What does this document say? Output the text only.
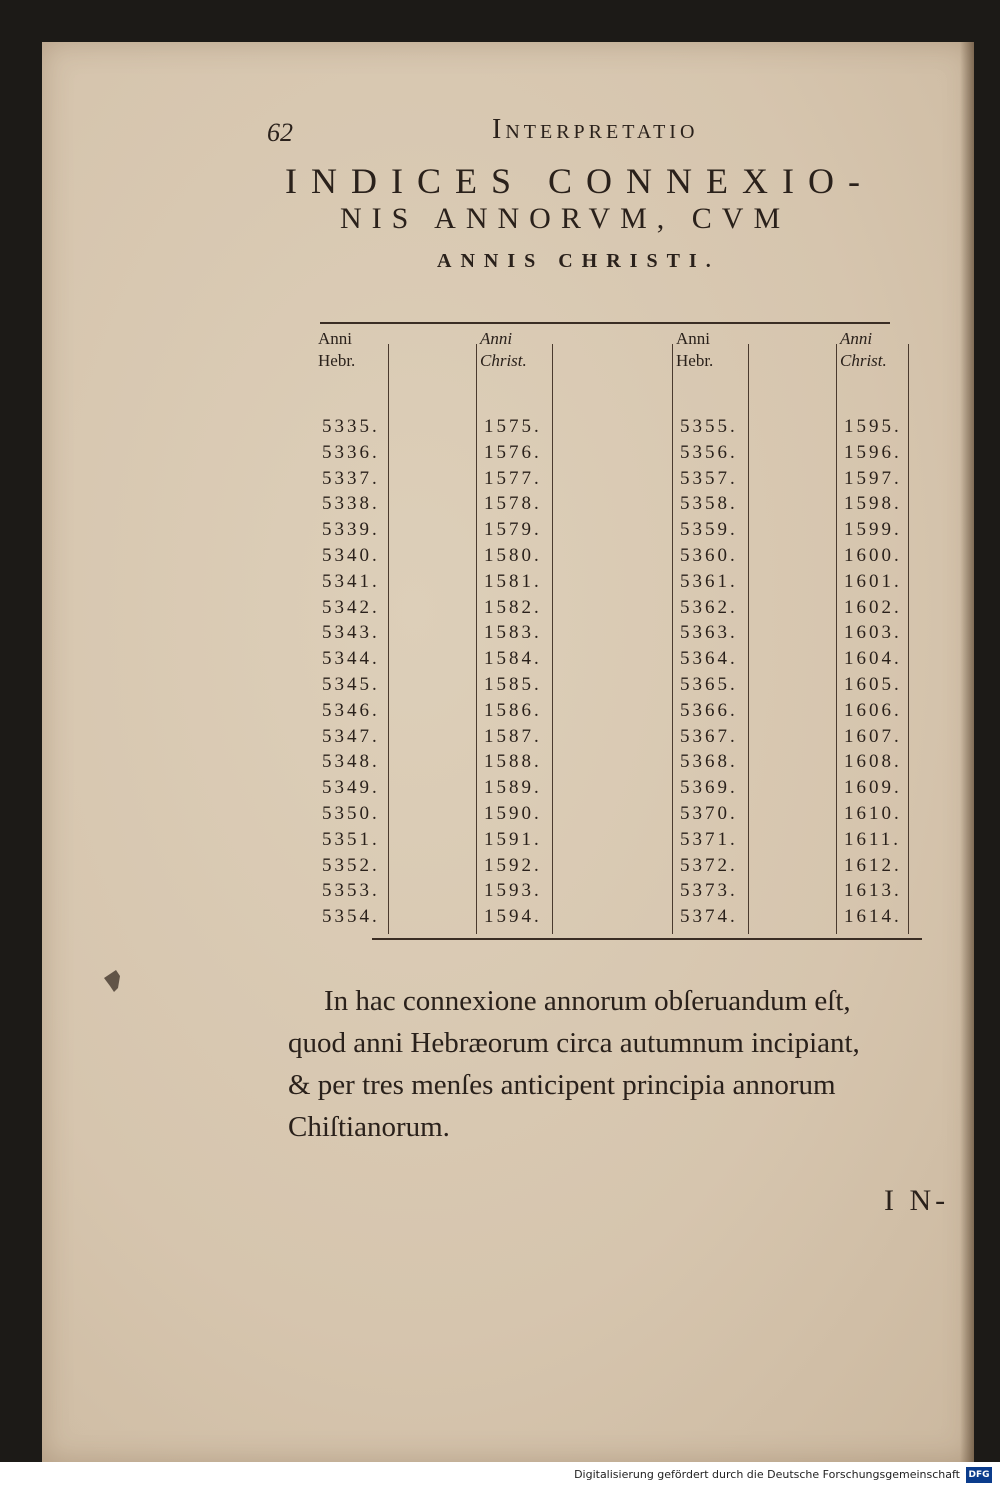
62	Interpretatio
INDICES CONNEXIO-
NIS ANNORVM, CVM
ANNIS CHRISTI.
Anni
Hebr.
5335.
5336.
5337.
5338.
5339.
5340.
5341.
5342.
5343.
5344.
5345.
5346.
5347.
5348.
5349.
5350.
5351.
5352.
5353.
5354.
Anni
Christ.
1575.
1576.
1577.
1578.
1579.
1580.
1581.
1582.
1583.
1584.
1585.
1586.
1587.
1588.
1589.
1590.
1591.
1592.
1593.
1594.
Anni
Hebr.
5355.
5356.
5357.
5358.
5359.
5360.
5361.
5362.
5363.
5364.
5365.
5366.
5367.
5368.
5369.
5370.
5371.
5372.
5373.
5374.
Anni
Christ.
1595.
1596.
1597.
1598.
1599.
1600.
1601.
1602.
1603.
1604.
1605.
1606.
1607.
1608.
1609.
1610.
1611.
1612.
1613.
1614.
In hac connexione annorum obſeruandum eſt,
quod anni Hebræorum circa autumnum incipiant,
& per tres menſes anticipent principia annorum
Chiſtianorum.
I N-
Digitalisierung gefördert durch die Deutsche Forschungsgemeinschaft DFG
